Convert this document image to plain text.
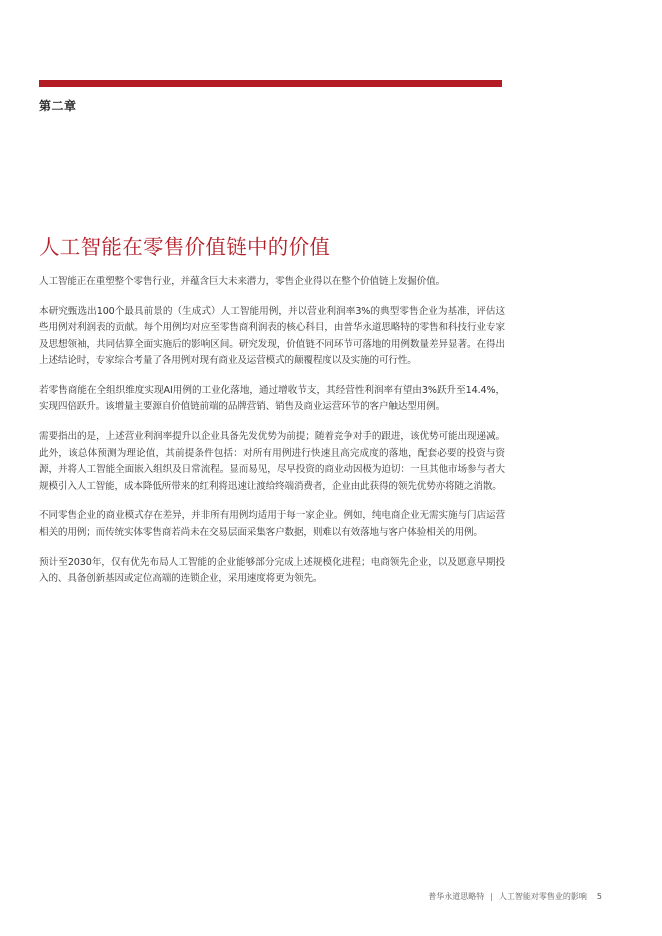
第二章
人工智能在零售价值链中的价值

人工智能正在重塑整个零售行业，并蕴含巨大未来潜力，零售企业得以在整个价值链上发掘价值。

本研究甄选出100个最具前景的（生成式）人工智能用例，并以营业利润率3%的典型零售企业为基准，评估这些用例对利润表的贡献。每个用例均对应至零售商利润表的核心科目，由普华永道思略特的零售和科技行业专家及思想领袖，共同估算全面实施后的影响区间。研究发现，价值链不同环节可落地的用例数量差异显著。在得出上述结论时，专家综合考量了各用例对现有商业及运营模式的颠覆程度以及实施的可行性。

若零售商能在全组织维度实现AI用例的工业化落地，通过增收节支，其经营性利润率有望由3%跃升至14.4%，实现四倍跃升。该增量主要源自价值链前端的品牌营销、销售及商业运营环节的客户触达型用例。

需要指出的是，上述营业利润率提升以企业具备先发优势为前提；随着竞争对手的跟进，该优势可能出现递减。此外，该总体预测为理论值，其前提条件包括：对所有用例进行快速且高完成度的落地，配套必要的投资与资源，并将人工智能全面嵌入组织及日常流程。显而易见，尽早投资的商业动因极为迫切：一旦其他市场参与者大规模引入人工智能，成本降低所带来的红利将迅速让渡给终端消费者，企业由此获得的领先优势亦将随之消散。

不同零售企业的商业模式存在差异，并非所有用例均适用于每一家企业。例如，纯电商企业无需实施与门店运营相关的用例；而传统实体零售商若尚未在交易层面采集客户数据，则难以有效落地与客户体验相关的用例。

预计至2030年，仅有优先布局人工智能的企业能够部分完成上述规模化进程；电商领先企业，以及愿意早期投入的、具备创新基因或定位高端的连锁企业，采用速度将更为领先。

普华永道思略特 | 人工智能对零售业的影响 5
